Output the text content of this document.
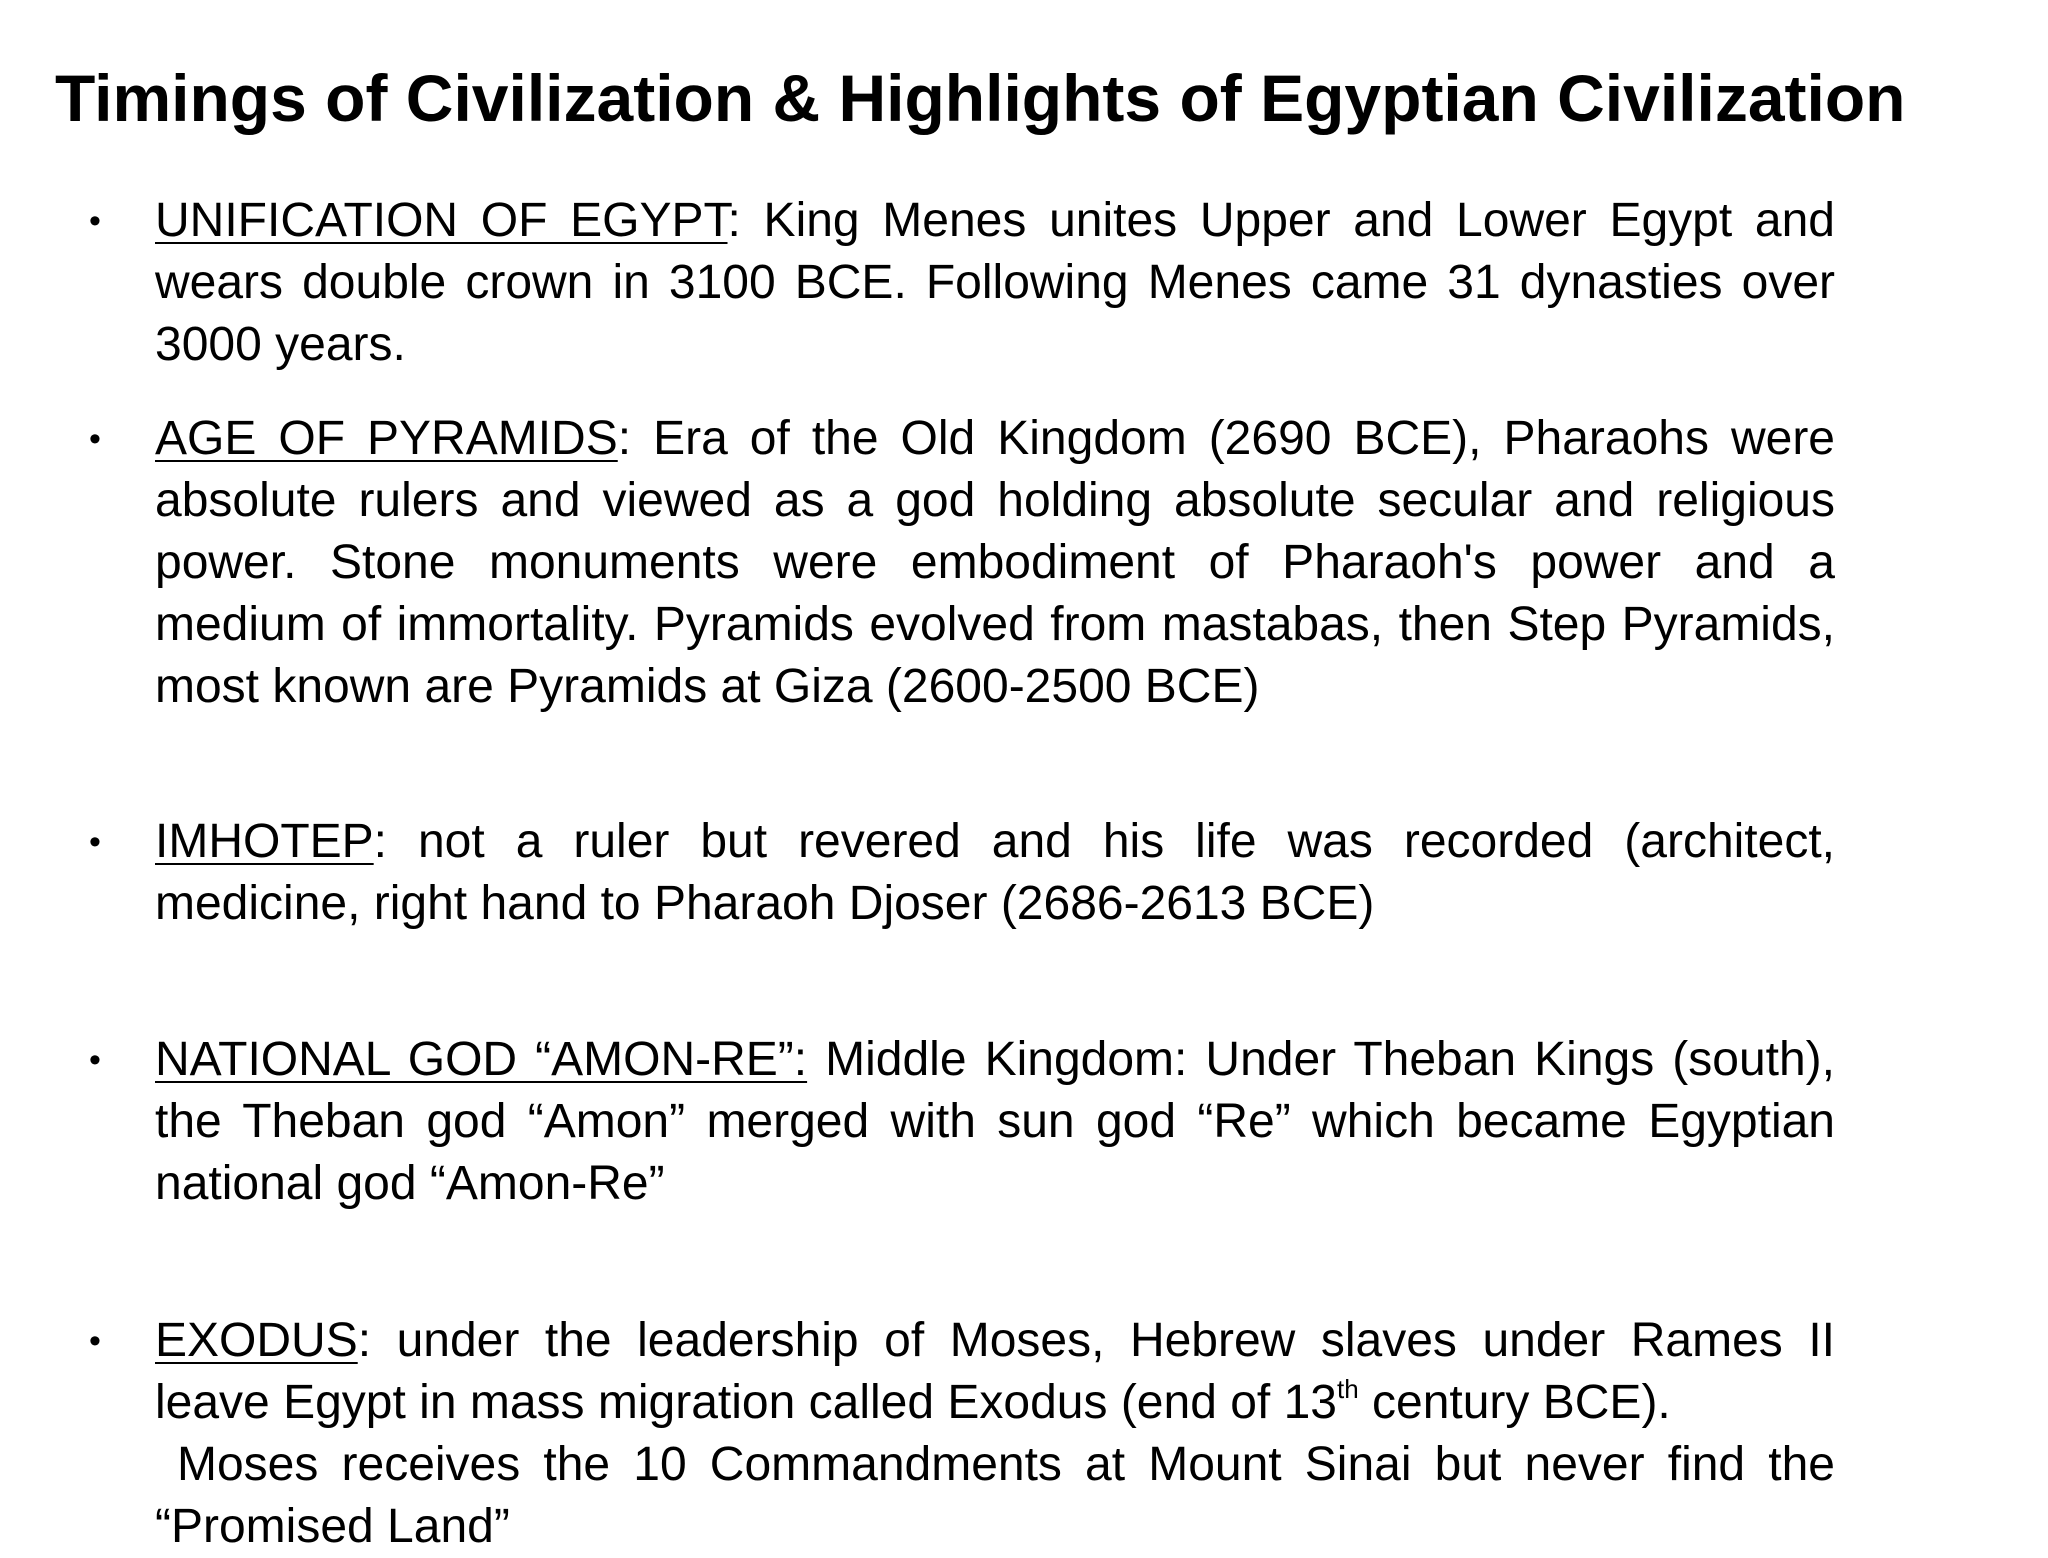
Timings of Civilization & Highlights of Egyptian Civilization
• UNIFICATION OF EGYPT: King Menes unites Upper and Lower Egypt and wears double crown in 3100 BCE. Following Menes came 31 dynasties over 3000 years.
• AGE OF PYRAMIDS: Era of the Old Kingdom (2690 BCE), Pharaohs were absolute rulers and viewed as a god holding absolute secular and religious power. Stone monuments were embodiment of Pharaoh's power and a medium of immortality. Pyramids evolved from mastabas, then Step Pyramids, most known are Pyramids at Giza (2600-2500 BCE)
• IMHOTEP: not a ruler but revered and his life was recorded (architect, medicine, right hand to Pharaoh Djoser (2686-2613 BCE)
• NATIONAL GOD “AMON-RE”: Middle Kingdom: Under Theban Kings (south), the Theban god “Amon” merged with sun god “Re” which became Egyptian national god “Amon-Re”
• EXODUS: under the leadership of Moses, Hebrew slaves under Rames II leave Egypt in mass migration called Exodus (end of 13th century BCE).
Moses receives the 10 Commandments at Mount Sinai but never find the “Promised Land”
